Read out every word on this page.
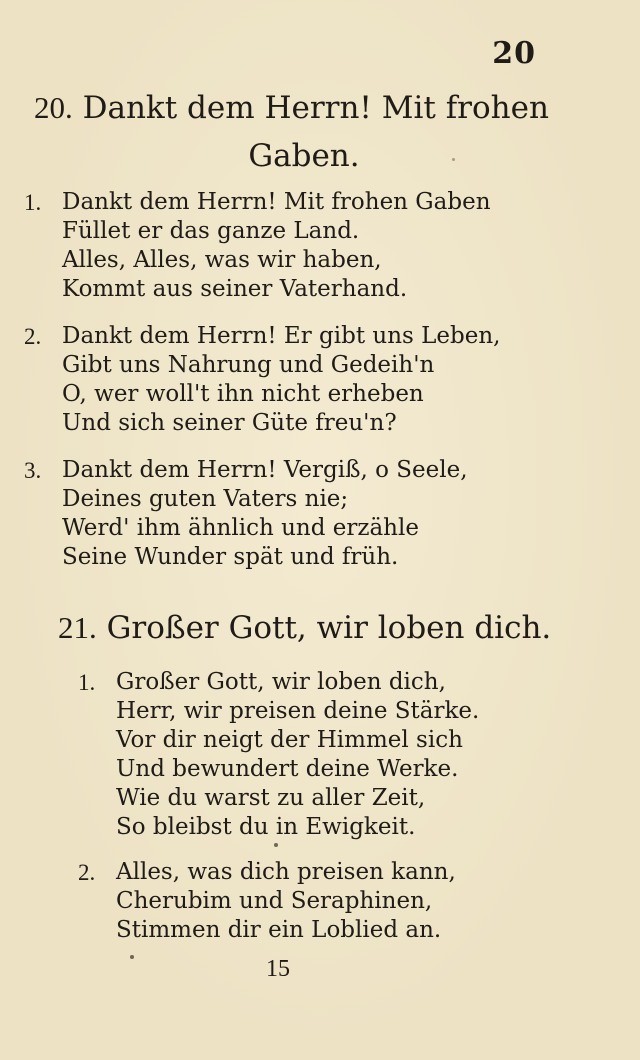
20
20. Dankt dem Herrn! Mit frohen
Gaben.
1. Dankt dem Herrn! Mit frohen Gaben
Füllet er das ganze Land.
Alles, Alles, was wir haben,
Kommt aus seiner Vaterhand.
2. Dankt dem Herrn! Er gibt uns Leben,
Gibt uns Nahrung und Gedeih'n
O, wer woll't ihn nicht erheben
Und sich seiner Güte freu'n?
3. Dankt dem Herrn! Vergiß, o Seele,
Deines guten Vaters nie;
Werd' ihm ähnlich und erzähle
Seine Wunder spät und früh.
21. Großer Gott, wir loben dich.
1. Großer Gott, wir loben dich,
Herr, wir preisen deine Stärke.
Vor dir neigt der Himmel sich
Und bewundert deine Werke.
Wie du warst zu aller Zeit,
So bleibst du in Ewigkeit.
2. Alles, was dich preisen kann,
Cherubim und Seraphinen,
Stimmen dir ein Loblied an.
15
